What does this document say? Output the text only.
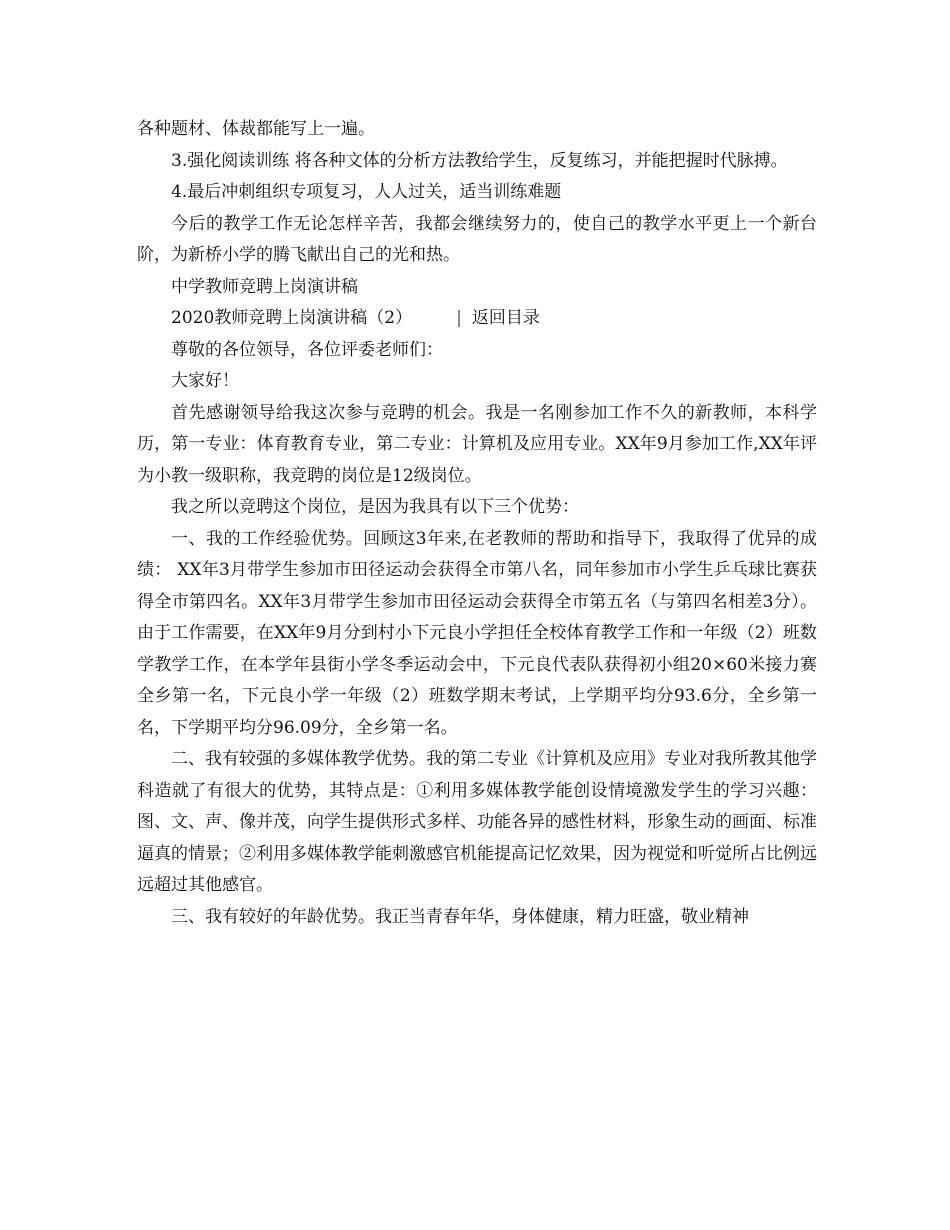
各种题材、体裁都能写上一遍。

3.强化阅读训练 将各种文体的分析方法教给学生，反复练习，并能把握时代脉搏。

4.最后冲刺组织专项复习，人人过关，适当训练难题

今后的教学工作无论怎样辛苦，我都会继续努力的，使自己的教学水平更上一个新台阶，为新桥小学的腾飞献出自己的光和热。

中学教师竞聘上岗演讲稿

2020教师竞聘上岗演讲稿（2）	| 返回目录

尊敬的各位领导，各位评委老师们：

大家好！

首先感谢领导给我这次参与竞聘的机会。我是一名刚参加工作不久的新教师，本科学历，第一专业：体育教育专业，第二专业：计算机及应用专业。XX年9月参加工作,XX年评为小教一级职称，我竞聘的岗位是12级岗位。

我之所以竞聘这个岗位，是因为我具有以下三个优势：

一、我的工作经验优势。回顾这3年来,在老教师的帮助和指导下，我取得了优异的成绩： XX年3月带学生参加市田径运动会获得全市第八名，同年参加市小学生乒乓球比赛获得全市第四名。XX年3月带学生参加市田径运动会获得全市第五名（与第四名相差3分）。由于工作需要，在XX年9月分到村小下元良小学担任全校体育教学工作和一年级（2）班数学教学工作，在本学年县街小学冬季运动会中，下元良代表队获得初小组20×60米接力赛全乡第一名，下元良小学一年级（2）班数学期末考试，上学期平均分93.6分，全乡第一名，下学期平均分96.09分，全乡第一名。

二、我有较强的多媒体教学优势。我的第二专业《计算机及应用》专业对我所教其他学科造就了有很大的优势，其特点是：①利用多媒体教学能创设情境激发学生的学习兴趣：图、文、声、像并茂，向学生提供形式多样、功能各异的感性材料，形象生动的画面、标准逼真的情景；②利用多媒体教学能刺激感官机能提高记忆效果，因为视觉和听觉所占比例远远超过其他感官。

三、我有较好的年龄优势。我正当青春年华，身体健康，精力旺盛，敬业精神
